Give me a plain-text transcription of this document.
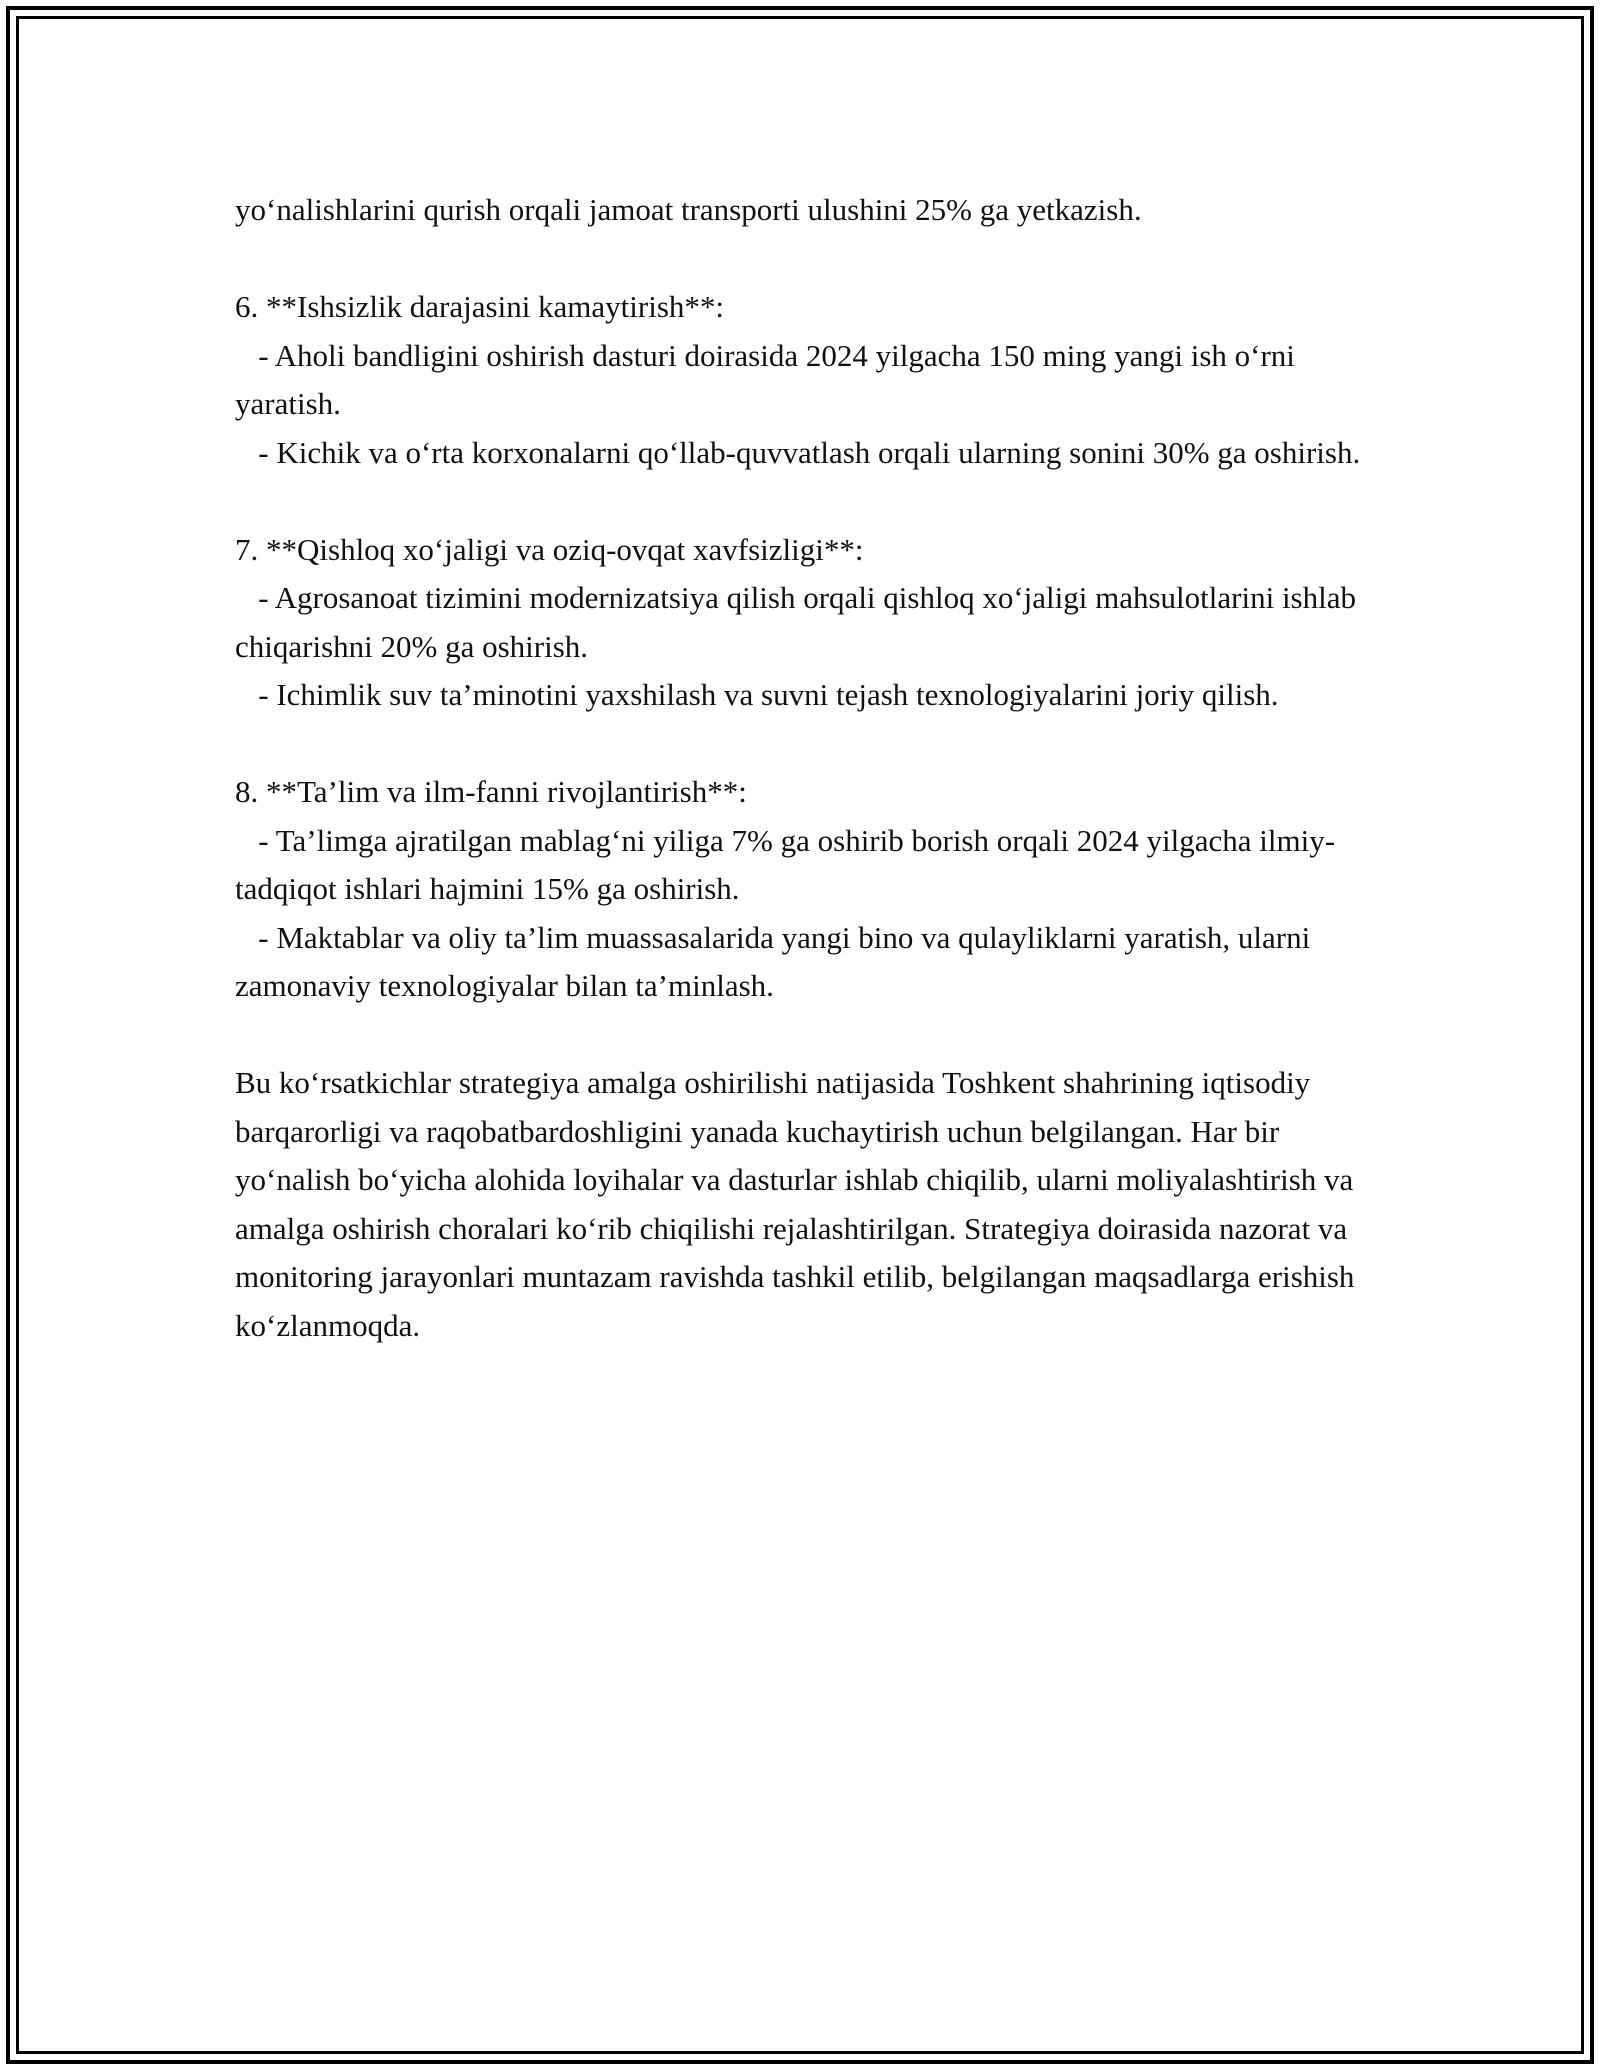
yo‘nalishlarini qurish orqali jamoat transporti ulushini 25% ga yetkazish.

6. **Ishsizlik darajasini kamaytirish**:

- Aholi bandligini oshirish dasturi doirasida 2024 yilgacha 150 ming yangi ish o‘rni yaratish.

- Kichik va o‘rta korxonalarni qo‘llab-quvvatlash orqali ularning sonini 30% ga oshirish.

7. **Qishloq xo‘jaligi va oziq-ovqat xavfsizligi**:

- Agrosanoat tizimini modernizatsiya qilish orqali qishloq xo‘jaligi mahsulotlarini ishlab chiqarishni 20% ga oshirish.

- Ichimlik suv ta’minotini yaxshilash va suvni tejash texnologiyalarini joriy qilish.

8. **Ta’lim va ilm-fanni rivojlantirish**:

- Ta’limga ajratilgan mablag‘ni yiliga 7% ga oshirib borish orqali 2024 yilgacha ilmiy-tadqiqot ishlari hajmini 15% ga oshirish.

- Maktablar va oliy ta’lim muassasalarida yangi bino va qulayliklarni yaratish, ularni zamonaviy texnologiyalar bilan ta’minlash.

Bu ko‘rsatkichlar strategiya amalga oshirilishi natijasida Toshkent shahrining iqtisodiy barqarorligi va raqobatbardoshligini yanada kuchaytirish uchun belgilangan. Har bir yo‘nalish bo‘yicha alohida loyihalar va dasturlar ishlab chiqilib, ularni moliyalashtirish va amalga oshirish choralari ko‘rib chiqilishi rejalashtirilgan. Strategiya doirasida nazorat va monitoring jarayonlari muntazam ravishda tashkil etilib, belgilangan maqsadlarga erishish ko‘zlanmoqda.
